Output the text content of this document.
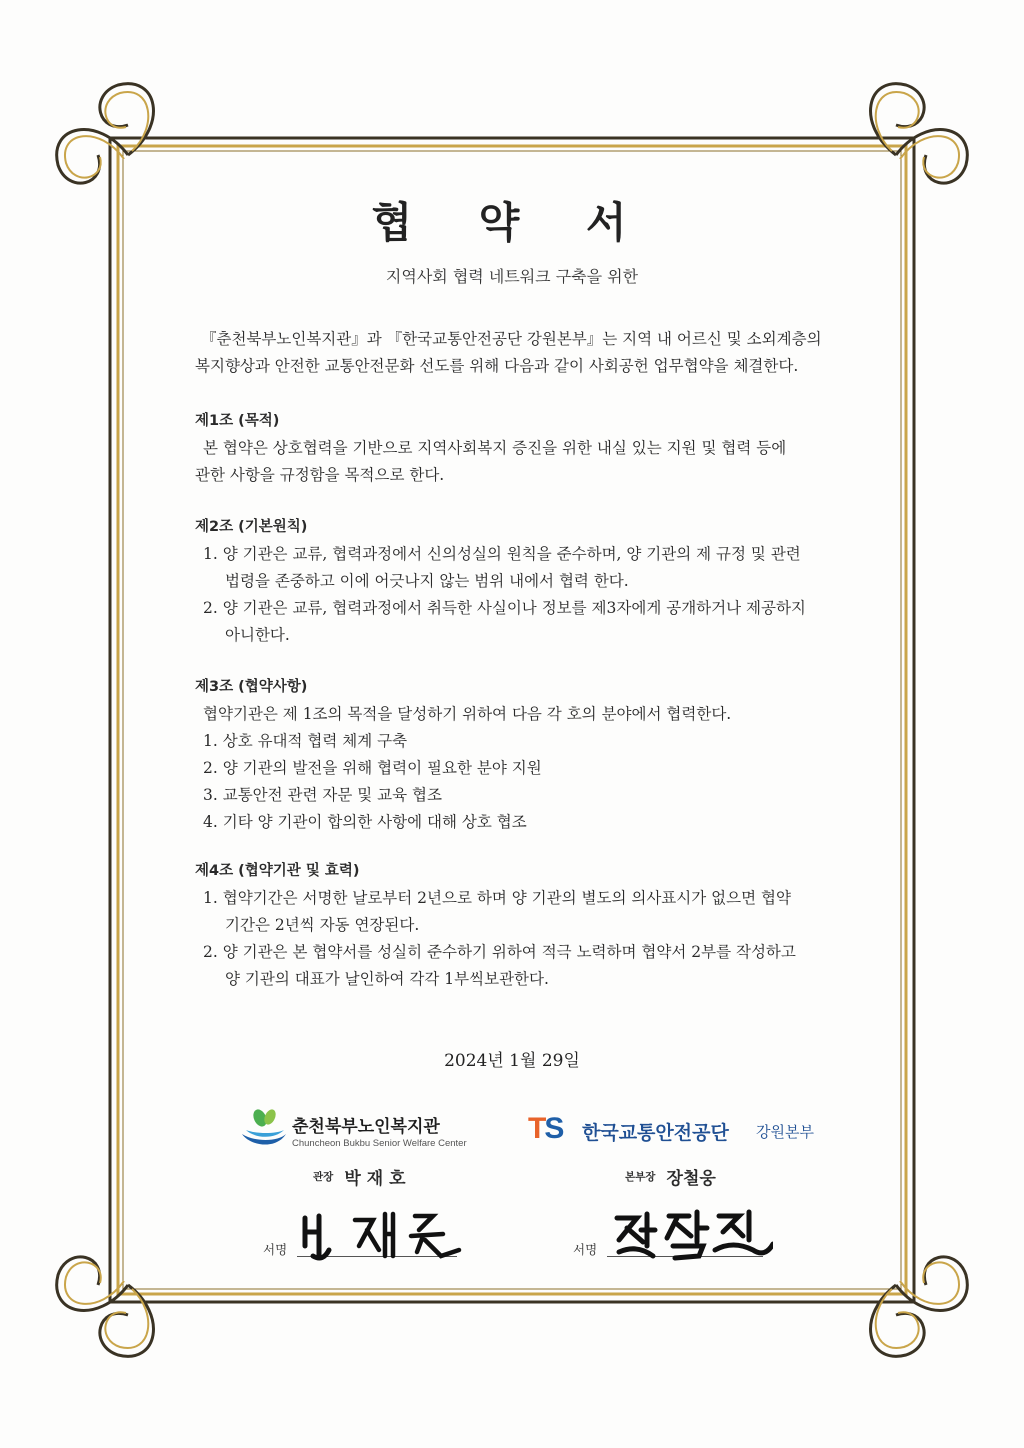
협 약 서
지역사회 협력 네트워크 구축을 위한

『춘천북부노인복지관』과 『한국교통안전공단 강원본부』는 지역 내 어르신 및 소외계층의

복지향상과 안전한 교통안전문화 선도를 위해 다음과 같이 사회공헌 업무협약을 체결한다.

제1조 (목적)

본 협약은 상호협력을 기반으로 지역사회복지 증진을 위한 내실 있는 지원 및 협력 등에

관한 사항을 규정함을 목적으로 한다.

제2조 (기본원칙)

1. 양 기관은 교류, 협력과정에서 신의성실의 원칙을 준수하며, 양 기관의 제 규정 및 관련
법령을 존중하고 이에 어긋나지 않는 범위 내에서 협력 한다.

2. 양 기관은 교류, 협력과정에서 취득한 사실이나 정보를 제3자에게 공개하거나 제공하지
아니한다.

제3조 (협약사항)

협약기관은 제 1조의 목적을 달성하기 위하여 다음 각 호의 분야에서 협력한다.

1. 상호 유대적 협력 체계 구축

2. 양 기관의 발전을 위해 협력이 필요한 분야 지원

3. 교통안전 관련 자문 및 교육 협조

4. 기타 양 기관이 합의한 사항에 대해 상호 협조

제4조 (협약기관 및 효력)

1. 협약기간은 서명한 날로부터 2년으로 하며 양 기관의 별도의 의사표시가 없으면 협약
기간은 2년씩 자동 연장된다.

2. 양 기관은 본 협약서를 성실히 준수하기 위하여 적극 노력하며 협약서 2부를 작성하고
양 기관의 대표가 날인하여 각각 1부씩보관한다.

2024년 1월 29일
춘천북부노인복지관
Chuncheon Bukbu Senior Welfare Center TS 한국교통안전공단 강원본부
관장 박 재 호	본부장 장철웅
서명	서명
